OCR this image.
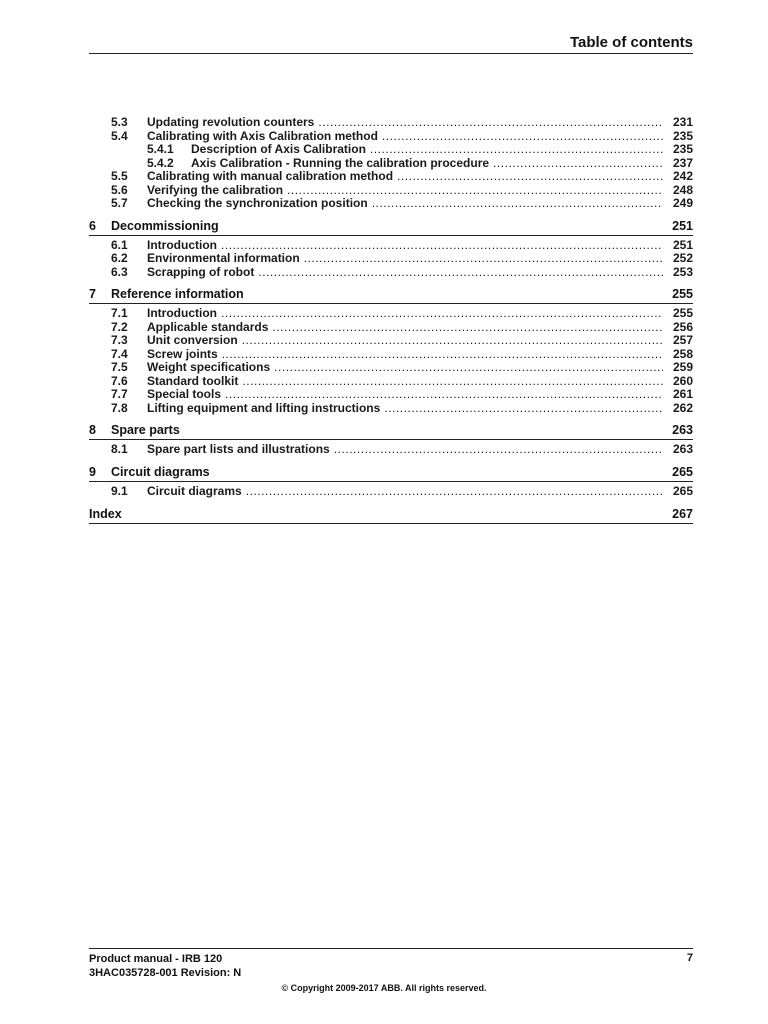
Table of contents
5.3	Updating revolution counters . . .	231
5.4	Calibrating with Axis Calibration method . . .	235
5.4.1	Description of Axis Calibration . . .	235
5.4.2	Axis Calibration - Running the calibration procedure . . .	237
5.5	Calibrating with manual calibration method . . .	242
5.6	Verifying the calibration . . .	248
5.7	Checking the synchronization position . . .	249
6	Decommissioning	251
6.1	Introduction . . .	251
6.2	Environmental information . . .	252
6.3	Scrapping of robot . . .	253
7	Reference information	255
7.1	Introduction . . .	255
7.2	Applicable standards . . .	256
7.3	Unit conversion . . .	257
7.4	Screw joints . . .	258
7.5	Weight specifications . . .	259
7.6	Standard toolkit . . .	260
7.7	Special tools . . .	261
7.8	Lifting equipment and lifting instructions . . .	262
8	Spare parts	263
8.1	Spare part lists and illustrations . . .	263
9	Circuit diagrams	265
9.1	Circuit diagrams . . .	265
Index	267
Product manual - IRB 120
3HAC035728-001 Revision: N
7
© Copyright 2009-2017 ABB. All rights reserved.
